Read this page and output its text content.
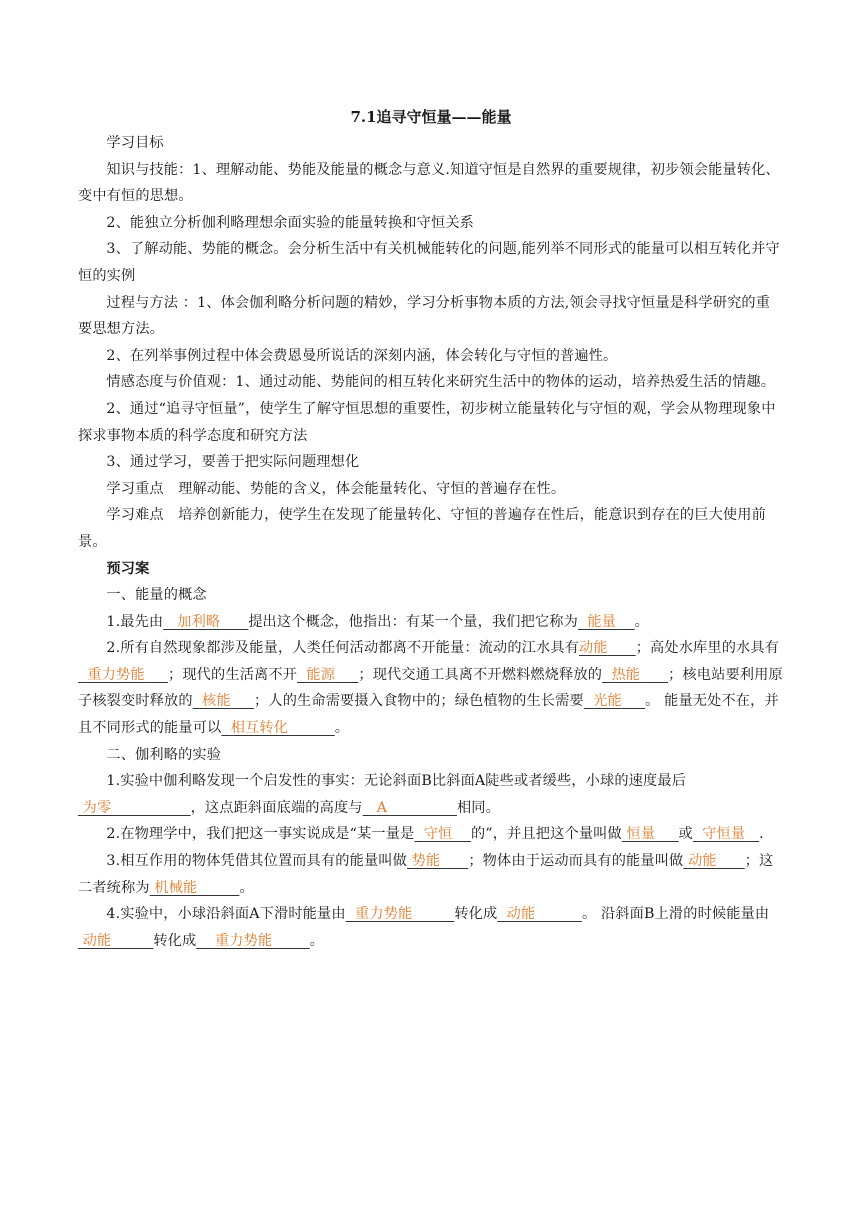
7.1追寻守恒量——能量

学习目标

知识与技能：1、理解动能、势能及能量的概念与意义.知道守恒是自然界的重要规律，初步领会能量转化、变中有恒的思想。

2、能独立分析伽利略理想余面实验的能量转换和守恒关系

3、了解动能、势能的概念。会分析生活中有关机械能转化的问题,能列举不同形式的能量可以相互转化并守恒的实例

过程与方法 ：1、体会伽利略分析问题的精妙，学习分析事物本质的方法,领会寻找守恒量是科学研究的重要思想方法。

2、在列举事例过程中体会费恩曼所说话的深刻内涵，体会转化与守恒的普遍性。

情感态度与价值观：1、通过动能、势能间的相互转化来研究生活中的物体的运动，培养热爱生活的情趣。

2、通过“追寻守恒量”，使学生了解守恒思想的重要性，初步树立能量转化与守恒的观，学会从物理现象中探求事物本质的科学态度和研究方法

3、通过学习，要善于把实际问题理想化

学习重点　理解动能、势能的含义，体会能量转化、守恒的普遍存在性。

学习难点　培养创新能力，使学生在发现了能量转化、守恒的普遍存在性后，能意识到存在的巨大使用前景。

预习案

一、能量的概念

1.最先由 加利略 提出这个概念，他指出：有某一个量，我们把它称为 能量 。

2.所有自然现象都涉及能量，人类任何活动都离不开能量：流动的江水具有动能 ；高处水库里的水具有  重力势能 ；现代的生活离不开 能源 ；现代交通工具离不开燃料燃烧释放的 热能 ；核电站要利用原子核裂变时释放的 核能 ；人的生命需要摄入食物中的；绿色植物的生长需要 光能 。 能量无处不在，并且不同形式的能量可以 相互转化	。

二、伽利略的实验

1.实验中伽利略发现一个启发性的事实：无论斜面B比斜面A陡些或者缓些，小球的速度最后 为零	，这点距斜面底端的高度与 A	相同。

2.在物理学中，我们把这一事实说成是“某一量是 守恒 的”，并且把这个量叫做 恒量 或 守恒量 .

3.相互作用的物体凭借其位置而具有的能量叫做 势能 ；物体由于运动而具有的能量叫做 动能 ；这二者统称为 机械能	。

4.实验中，小球沿斜面A下滑时能量由 重力势能	转化成 动能	。 沿斜面B上滑的时候能量由 动能	转化成 重力势能	。
